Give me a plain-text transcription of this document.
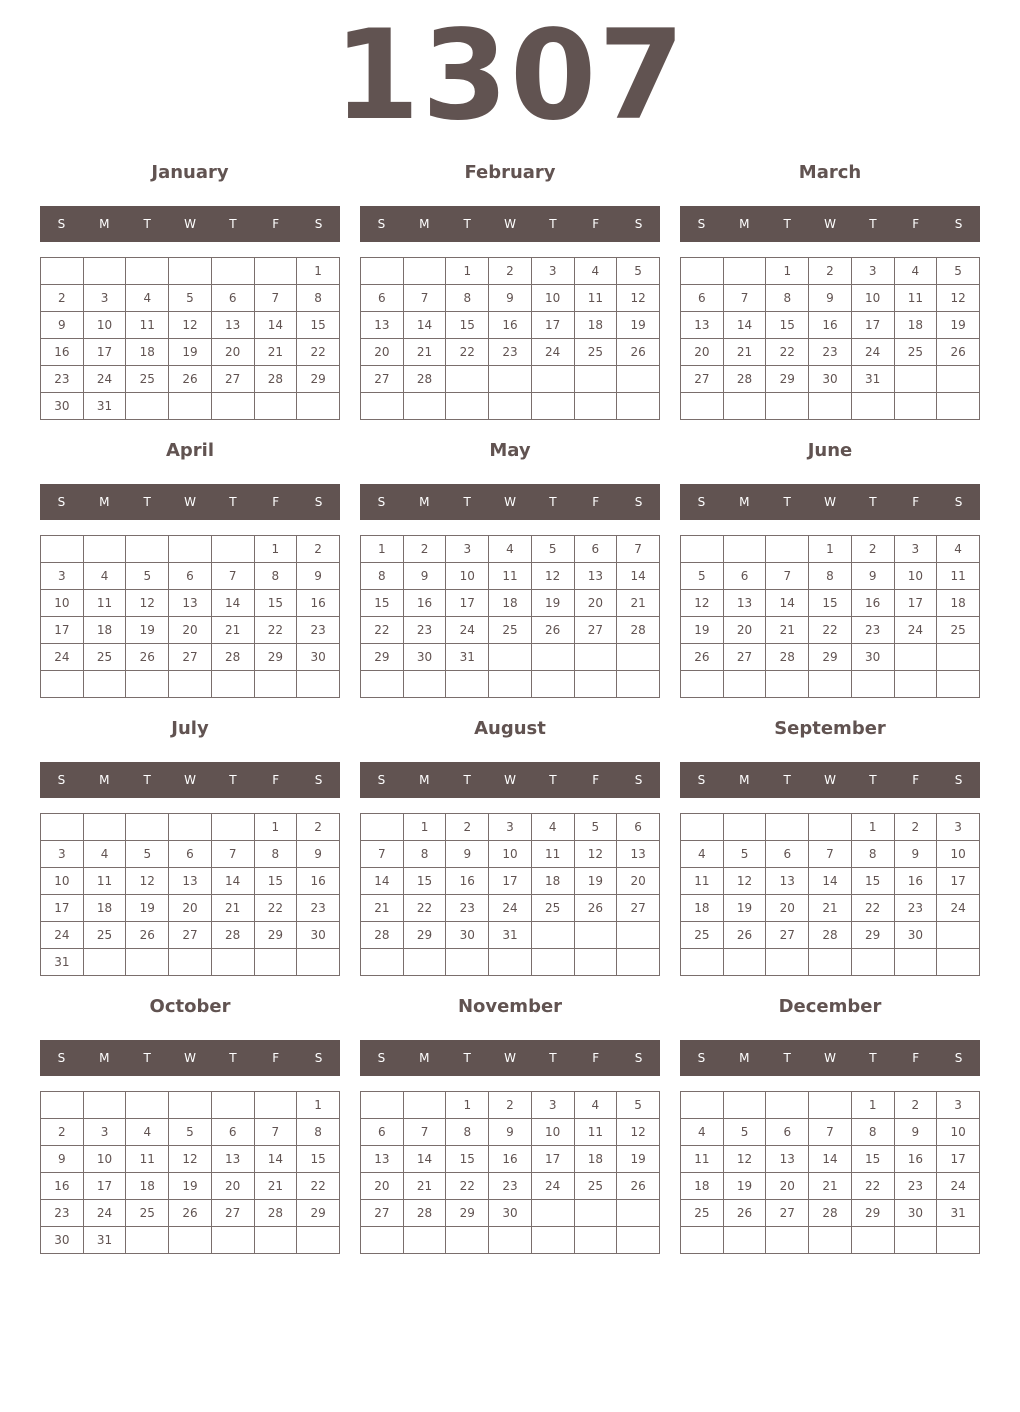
1307
January
S	M	T	W	T	F	S
						1
2	3	4	5	6	7	8
9	10	11	12	13	14	15
16	17	18	19	20	21	22
23	24	25	26	27	28	29
30	31					
February
S	M	T	W	T	F	S
		1	2	3	4	5
6	7	8	9	10	11	12
13	14	15	16	17	18	19
20	21	22	23	24	25	26
27	28					

March
S	M	T	W	T	F	S
		1	2	3	4	5
6	7	8	9	10	11	12
13	14	15	16	17	18	19
20	21	22	23	24	25	26
27	28	29	30	31		

April
S	M	T	W	T	F	S
					1	2
3	4	5	6	7	8	9
10	11	12	13	14	15	16
17	18	19	20	21	22	23
24	25	26	27	28	29	30

May
S	M	T	W	T	F	S
1	2	3	4	5	6	7
8	9	10	11	12	13	14
15	16	17	18	19	20	21
22	23	24	25	26	27	28
29	30	31				

June
S	M	T	W	T	F	S
			1	2	3	4
5	6	7	8	9	10	11
12	13	14	15	16	17	18
19	20	21	22	23	24	25
26	27	28	29	30		

July
S	M	T	W	T	F	S
					1	2
3	4	5	6	7	8	9
10	11	12	13	14	15	16
17	18	19	20	21	22	23
24	25	26	27	28	29	30
31						
August
S	M	T	W	T	F	S
	1	2	3	4	5	6
7	8	9	10	11	12	13
14	15	16	17	18	19	20
21	22	23	24	25	26	27
28	29	30	31			

September
S	M	T	W	T	F	S
				1	2	3
4	5	6	7	8	9	10
11	12	13	14	15	16	17
18	19	20	21	22	23	24
25	26	27	28	29	30	

October
S	M	T	W	T	F	S
						1
2	3	4	5	6	7	8
9	10	11	12	13	14	15
16	17	18	19	20	21	22
23	24	25	26	27	28	29
30	31					
November
S	M	T	W	T	F	S
		1	2	3	4	5
6	7	8	9	10	11	12
13	14	15	16	17	18	19
20	21	22	23	24	25	26
27	28	29	30			

December
S	M	T	W	T	F	S
				1	2	3
4	5	6	7	8	9	10
11	12	13	14	15	16	17
18	19	20	21	22	23	24
25	26	27	28	29	30	31
